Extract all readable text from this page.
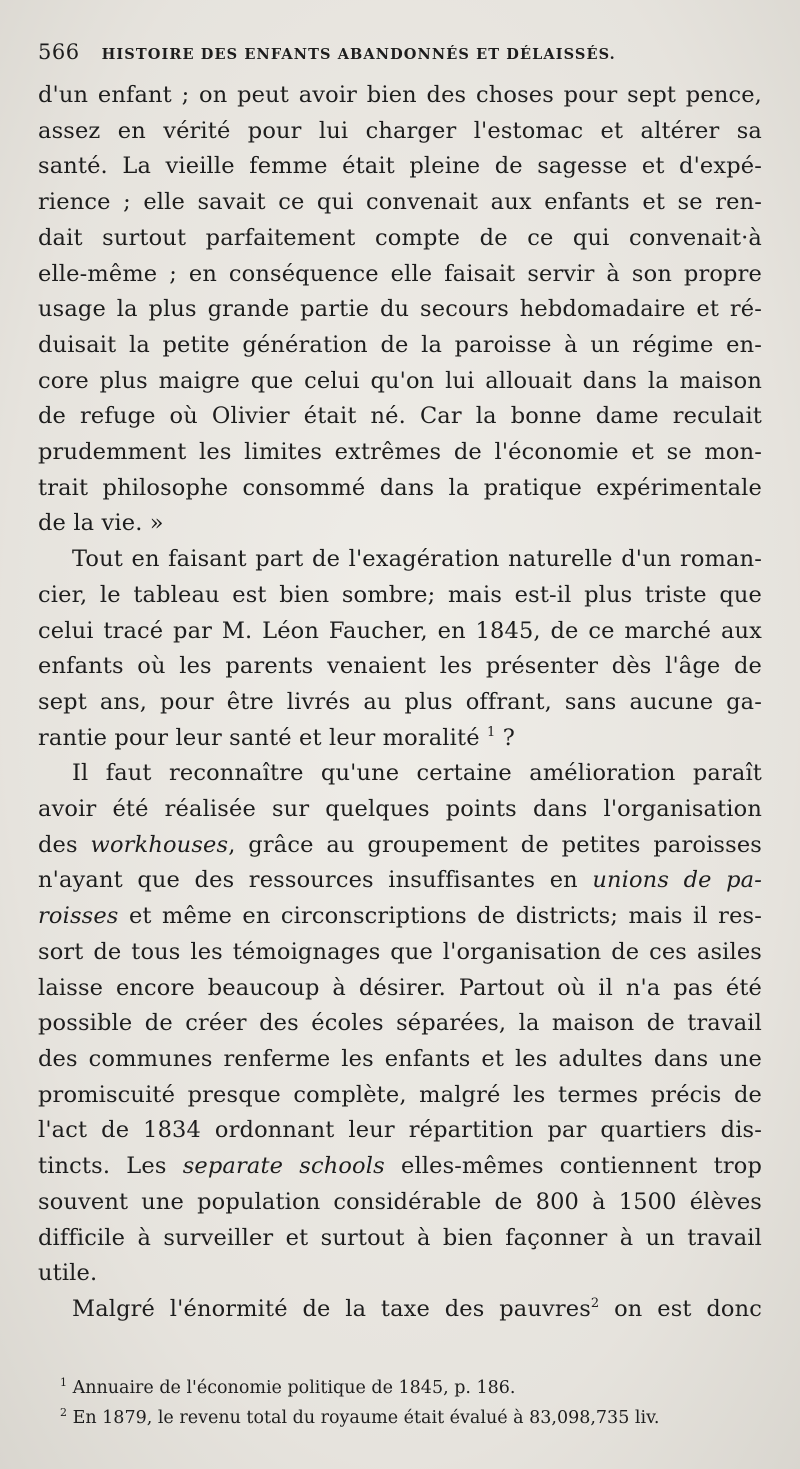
566 HISTOIRE DES ENFANTS ABANDONNÉS ET DÉLAISSÉS.

d'un enfant ; on peut avoir bien des choses pour sept pence,
assez en vérité pour lui charger l'estomac et altérer sa
santé. La vieille femme était pleine de sagesse et d'expé-
rience ; elle savait ce qui convenait aux enfants et se ren-
dait surtout parfaitement compte de ce qui convenait·à
elle-même ; en conséquence elle faisait servir à son propre
usage la plus grande partie du secours hebdomadaire et ré-
duisait la petite génération de la paroisse à un régime en-
core plus maigre que celui qu'on lui allouait dans la maison
de refuge où Olivier était né. Car la bonne dame reculait
prudemment les limites extrêmes de l'économie et se mon-
trait philosophe consommé dans la pratique expérimentale
de la vie. »

Tout en faisant part de l'exagération naturelle d'un roman-
cier, le tableau est bien sombre; mais est-il plus triste que
celui tracé par M. Léon Faucher, en 1845, de ce marché aux
enfants où les parents venaient les présenter dès l'âge de
sept ans, pour être livrés au plus offrant, sans aucune ga-
rantie pour leur santé et leur moralité $^1$ ?

Il faut reconnaître qu'une certaine amélioration paraît
avoir été réalisée sur quelques points dans l'organisation
des workhouses, grâce au groupement de petites paroisses
n'ayant que des ressources insuffisantes en unions de pa-
roisses et même en circonscriptions de districts; mais il res-
sort de tous les témoignages que l'organisation de ces asiles
laisse encore beaucoup à désirer. Partout où il n'a pas été
possible de créer des écoles séparées, la maison de travail
des communes renferme les enfants et les adultes dans une
promiscuité presque complète, malgré les termes précis de
l'act de 1834 ordonnant leur répartition par quartiers dis-
tincts. Les separate schools elles-mêmes contiennent trop
souvent une population considérable de 800 à 1500 élèves
difficile à surveiller et surtout à bien façonner à un travail
utile.

Malgré l'énormité de la taxe des pauvres$^2$ on est donc

$^1$ Annuaire de l'économie politique de 1845, p. 186.
$^2$ En 1879, le revenu total du royaume était évalué à 83,098,735 liv.
